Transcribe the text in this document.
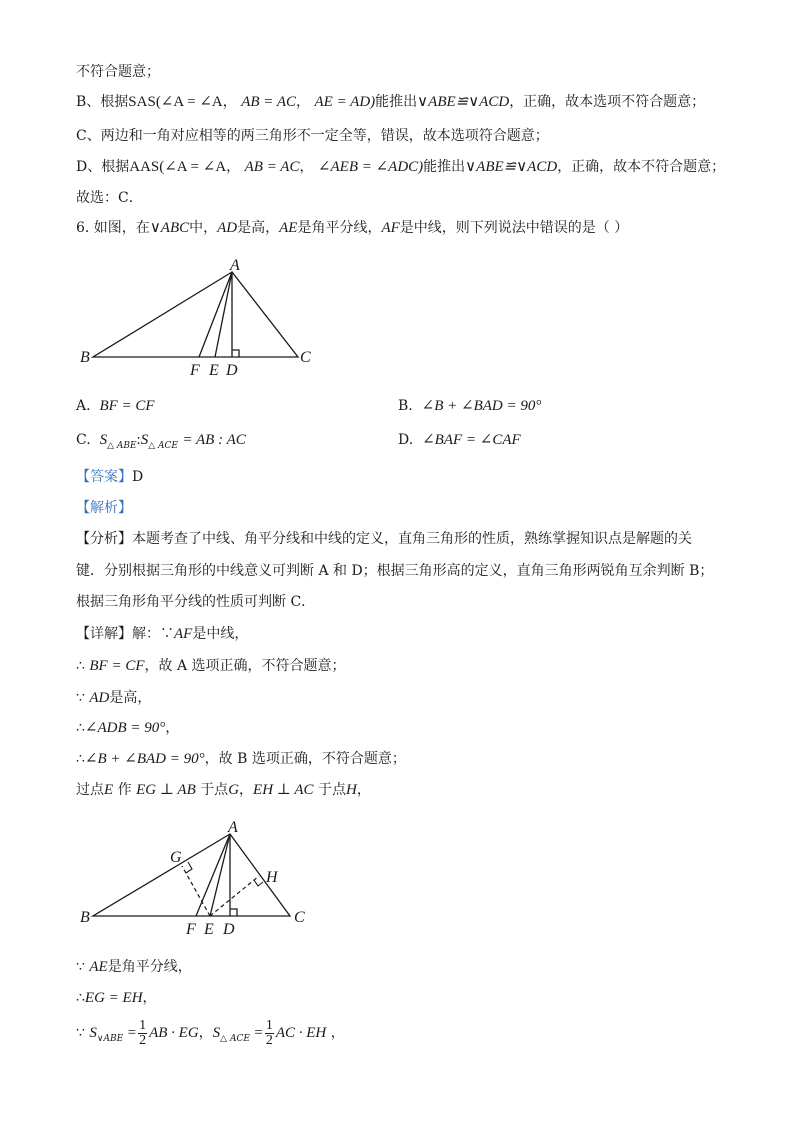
不符合题意；
B、根据SAS(∠A = ∠A， AB = AC， AE = AD)能推出∨ABE≌∨ACD，正确，故本选项不符合题意；
C、两边和一角对应相等的两三角形不一定全等，错误，故本选项符合题意；
D、根据AAS(∠A = ∠A， AB = AC， ∠AEB = ∠ADC)能推出∨ABE≌∨ACD，正确，故本不符合题意；
故选：C．
6. 如图，在∨ABC中，AD是高，AE是角平分线，AF是中线，则下列说法中错误的是（ ）
A
B	C
F E D
A. BF = CF	B. ∠B + ∠BAD = 90°
C. $S_{\triangle ABE}:S_{\triangle ACE}$ = AB : AC	D. ∠BAF = ∠CAF
【答案】D
【解析】
【分析】本题考查了中线、角平分线和中线的定义，直角三角形的性质，熟练掌握知识点是解题的关
键．分别根据三角形的中线意义可判断 A 和 D；根据三角形高的定义，直角三角形两锐角互余判断 B；
根据三角形角平分线的性质可判断 C．
【详解】解：∵AF是中线，
∴ BF = CF，故 A 选项正确，不符合题意；
∵ AD是高，
∴∠ADB = 90°，
∴∠B + ∠BAD = 90°，故 B 选项正确，不符合题意；
过点E 作 EG ⊥ AB 于点G，EH ⊥ AC 于点H，
A
B	C
F E D
G
H
∵ AE是角平分线，
∴EG = EH，
∵ $S_{\vee ABE} = \frac{1}{2}$ AB · EG，$S_{\triangle ACE} = \frac{1}{2}$ AC · EH ，
